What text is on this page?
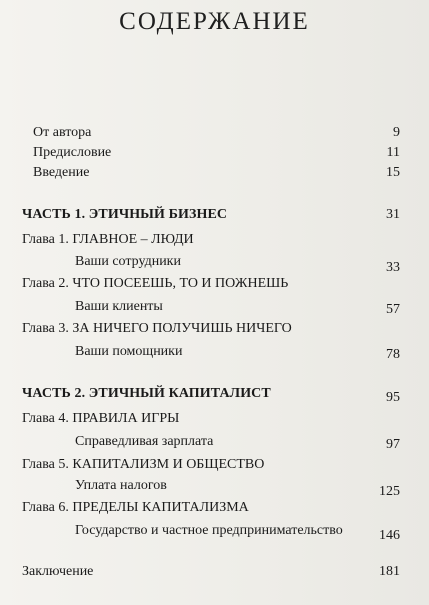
СОДЕРЖАНИЕ
От автора	9
Предисловие	11
Введение	15
ЧАСТЬ 1. ЭТИЧНЫЙ БИЗНЕС	31
Глава 1. ГЛАВНОЕ – ЛЮДИ
Ваши сотрудники	33
Глава 2. ЧТО ПОСЕЕШЬ, ТО И ПОЖНЕШЬ
Ваши клиенты	57
Глава 3. ЗА НИЧЕГО ПОЛУЧИШЬ НИЧЕГО
Ваши помощники	78
ЧАСТЬ 2. ЭТИЧНЫЙ КАПИТАЛИСТ	95
Глава 4. ПРАВИЛА ИГРЫ
Справедливая зарплата	97
Глава 5. КАПИТАЛИЗМ И ОБЩЕСТВО
Уплата налогов	125
Глава 6. ПРЕДЕЛЫ КАПИТАЛИЗМА
Государство и частное предпринимательство	146
Заключение	181
